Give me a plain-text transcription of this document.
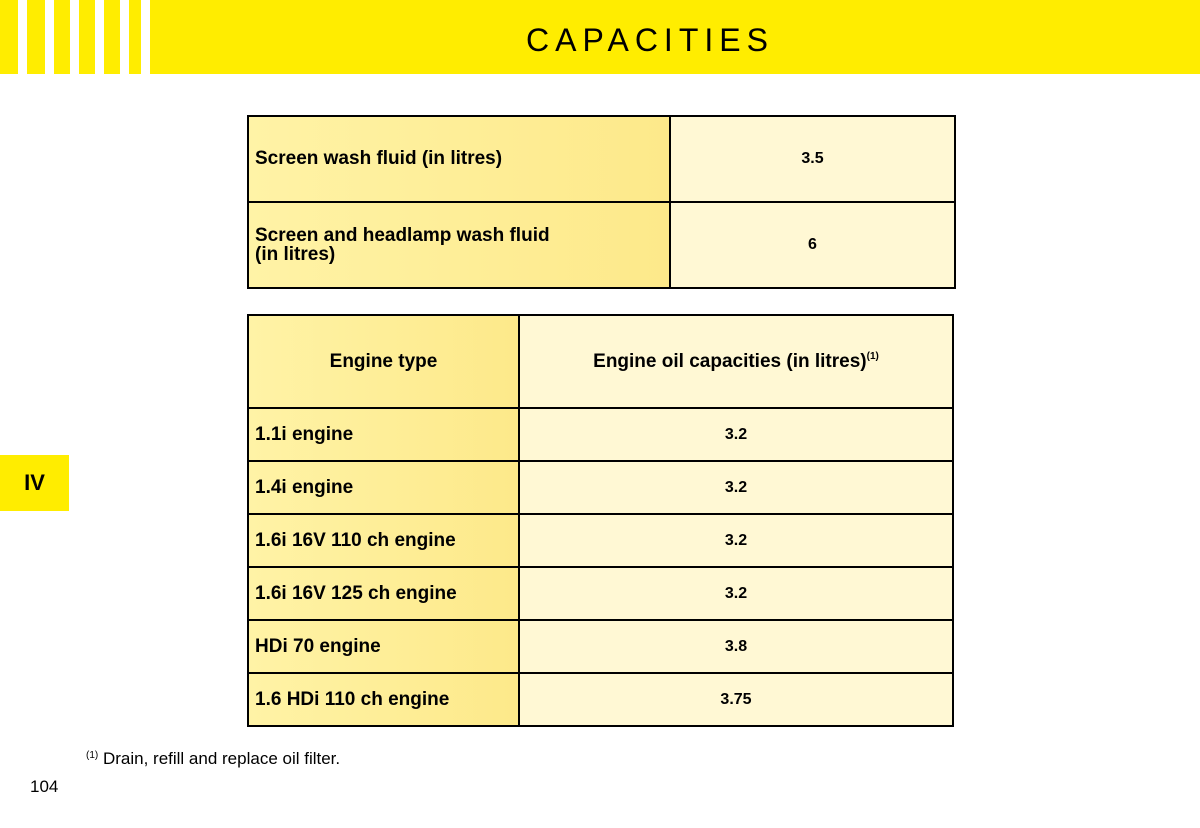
CAPACITIES
Screen wash fluid (in litres)	3.5
Screen and headlamp wash fluid
(in litres)	6
Engine type	Engine oil capacities (in litres)$^{(1)}$
1.1i engine	3.2
1.4i engine	3.2
1.6i 16V 110 ch engine	3.2
1.6i 16V 125 ch engine	3.2
HDi 70 engine	3.8
1.6 HDi 110 ch engine	3.75
IV
$^{(1)}$ Drain, refill and replace oil filter.
104
